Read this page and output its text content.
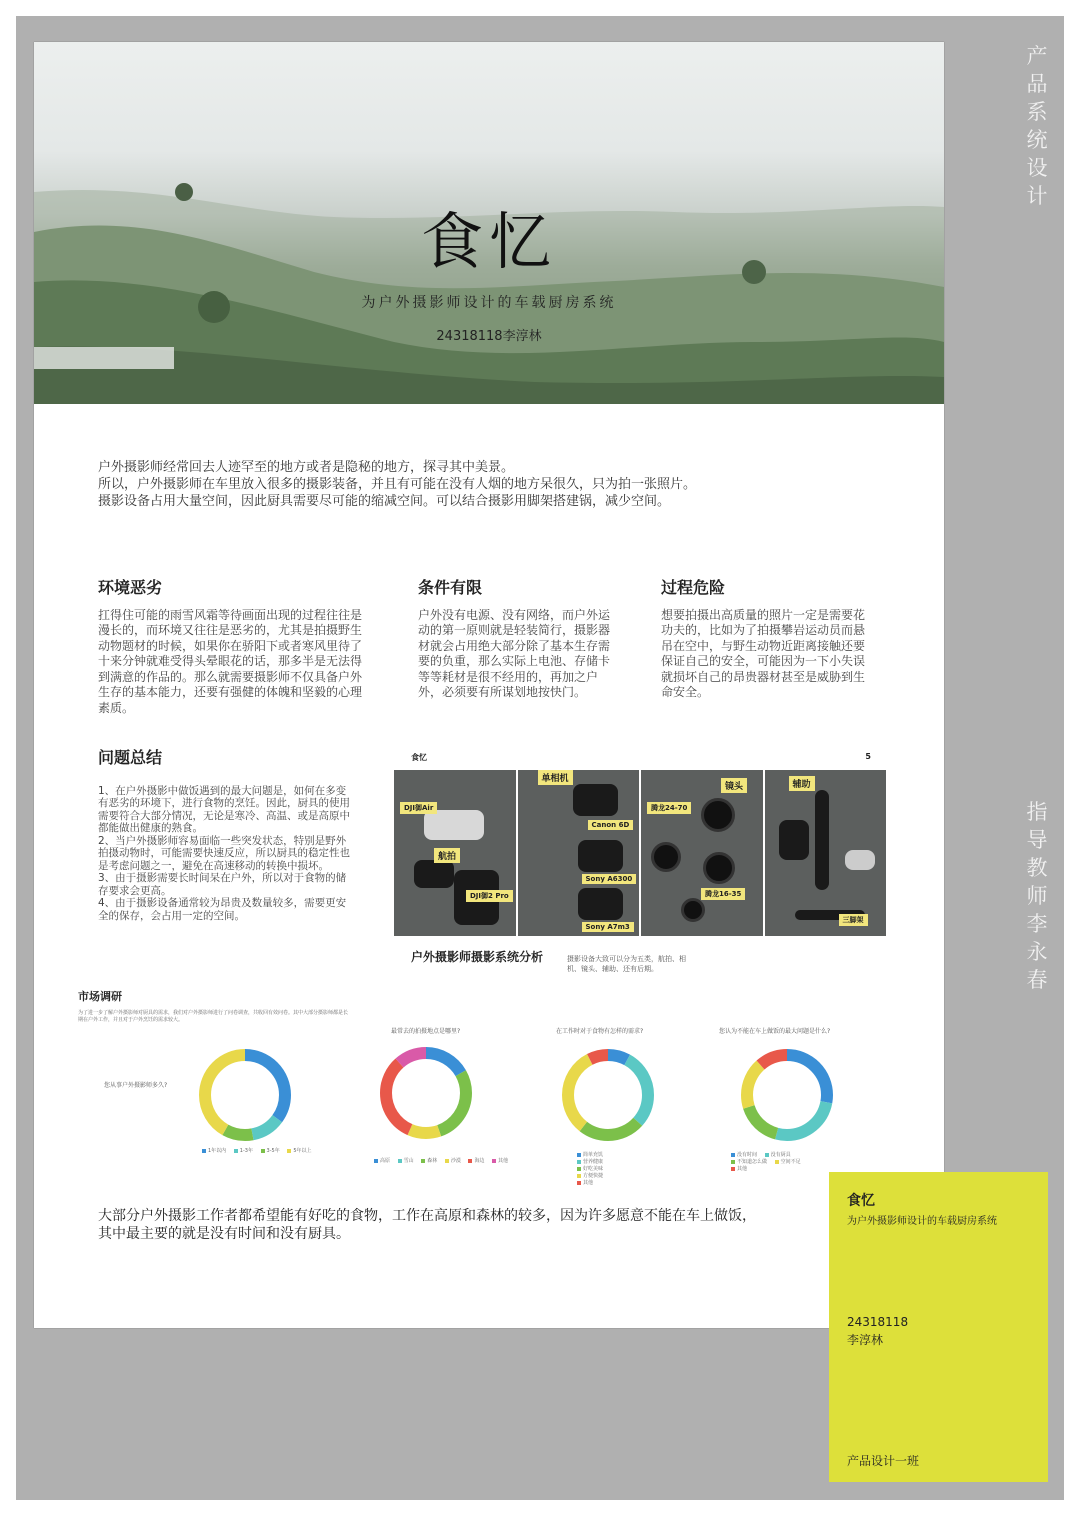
食忆
为户外摄影师设计的车载厨房系统
24318118李淳林

户外摄影师经常回去人迹罕至的地方或者是隐秘的地方，探寻其中美景。

所以，户外摄影师在车里放入很多的摄影装备，并且有可能在没有人烟的地方呆很久，只为拍一张照片。

摄影设备占用大量空间，因此厨具需要尽可能的缩减空间。可以结合摄影用脚架搭建锅，减少空间。

环境恶劣

扛得住可能的雨雪风霜等待画面出现的过程往往是漫长的，而环境又往往是恶劣的，尤其是拍摄野生动物题材的时候，如果你在骄阳下或者寒风里待了十来分钟就难受得头晕眼花的话，那多半是无法得到满意的作品的。那么就需要摄影师不仅具备户外生存的基本能力，还要有强健的体魄和坚毅的心理素质。

条件有限

户外没有电源、没有网络，而户外运动的第一原则就是轻装简行，摄影器材就会占用绝大部分除了基本生存需要的负重，那么实际上电池、存储卡等等耗材是很不经用的，再加之户外，必须要有所谋划地按快门。

过程危险

想要拍摄出高质量的照片一定是需要花功夫的，比如为了拍摄攀岩运动员而悬吊在空中，与野生动物近距离接触还要保证自己的安全，可能因为一下小失误就损坏自己的昂贵器材甚至是威胁到生命安全。

问题总结

1、在户外摄影中做饭遇到的最大问题是，如何在多变有恶劣的环境下，进行食物的烹饪。因此，厨具的使用需要符合大部分情况，无论是寒冷、高温、或是高原中都能做出健康的熟食。

2、当户外摄影师容易面临一些突发状态，特别是野外拍摄动物时，可能需要快速反应，所以厨具的稳定性也是考虑问题之一，避免在高速移动的转换中损坏。

3、由于摄影需要长时间呆在户外，所以对于食物的储存要求会更高。

4、由于摄影设备通常较为昂贵及数量较多，需要更安全的保存，会占用一定的空间。

食忆	5
航拍
DJI御Air
DJI御2 Pro
单相机
Canon 6D
Sony A6300
Sony A7m3
镜头
腾龙24-70
腾龙16-35
辅助
三脚架
户外摄影师摄影系统分析	摄影设备大致可以分为五类，航拍、相机、镜头、辅助、还有后期。
市场调研
为了进一步了解户外摄影师对厨具的需求，我们对户外摄影师进行了问卷调查，共收回有效问卷。其中大部分摄影师都是长期在户外工作，并且对于户外烹饪的需求较大。
您从事户外摄影师多久?
1年以内	1-3年	3-5年	5年以上
最常去的拍摄地点是哪里?
高原	雪山	森林	沙漠	海边	其他
在工作时对于食物有怎样的需求?
简单充饥
营养健康
好吃美味
方便快捷
其他
您认为不能在车上做饭的最大问题是什么?
没有时间	没有厨具
不知道怎么做	空间不足
其他
大部分户外摄影工作者都希望能有好吃的食物，工作在高原和森林的较多，因为许多愿意不能在车上做饭，其中最主要的就是没有时间和没有厨具。
产品系统设计
指导教师李永春
食忆
为户外摄影师设计的车载厨房系统
24318118
李淳林
产品设计一班
